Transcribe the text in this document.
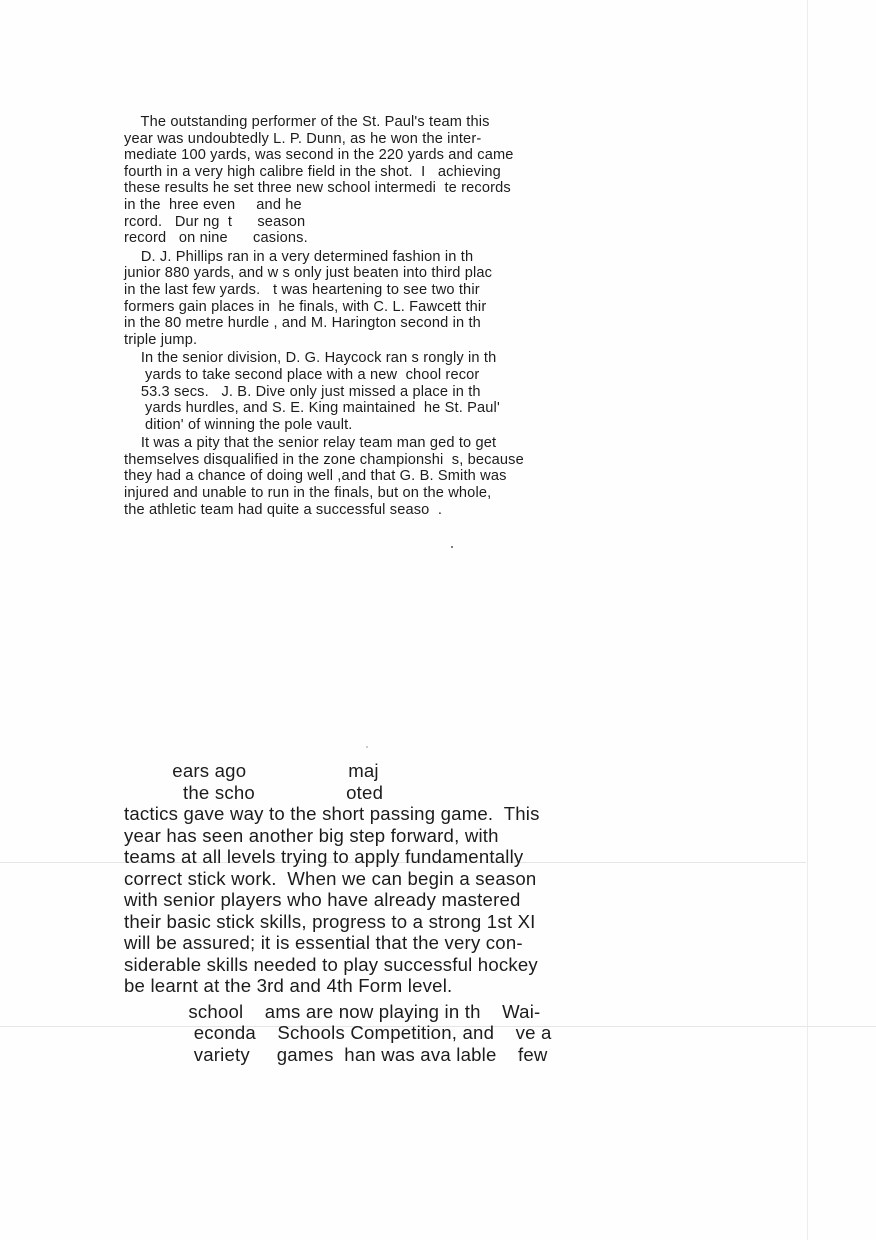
The outstanding performer of the St. Paul's team this
year was undoubtedly L. P. Dunn, as he won the inter-
mediate 100 yards, was second in the 220 yards and came
fourth in a very high calibre field in the shot.  I   achieving
these results he set three new school intermedi  te records
in the  hree even     and he
rcord.   Dur ng  t      season
record   on nine      casions.
D. J. Phillips ran in a very determined fashion in th
junior 880 yards, and w s only just beaten into third plac
in the last few yards.   t was heartening to see two thir
formers gain places in  he finals, with C. L. Fawcett thir
in the 80 metre hurdle , and M. Harington second in th
triple jump.
In the senior division, D. G. Haycock ran s rongly in th
yards to take second place with a new  chool recor
53.3 secs.   J. B. Dive only just missed a place in th
yards hurdles, and S. E. King maintained  he St. Paul'
dition' of winning the pole vault.
It was a pity that the senior relay team man ged to get
themselves disqualified in the zone championshi  s, because
they had a chance of doing well ,and that G. B. Smith was
injured and unable to run in the finals, but on the whole,
the athletic team had quite a successful seaso  .
ears ago                   maj
the scho                 oted
tactics gave way to the short passing game.  This
year has seen another big step forward, with
teams at all levels trying to apply fundamentally
correct stick work.  When we can begin a season
with senior players who have already mastered
their basic stick skills, progress to a strong 1st XI
will be assured; it is essential that the very con-
siderable skills needed to play successful hockey
be learnt at the 3rd and 4th Form level.
school    ams are now playing in th    Wai-
econda    Schools Competition, and    ve a
variety     games  han was ava lable    few
